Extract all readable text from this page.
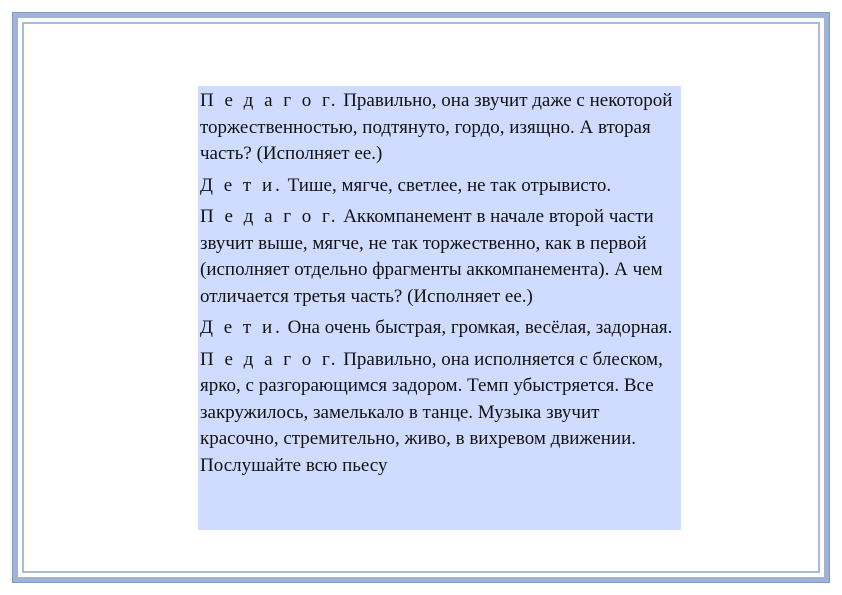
П е д а г о г. Правильно, она звучит даже с некоторой торжественностью, подтянуто, гордо, изящно. А вторая часть? (Исполняет ее.)

Д е т и. Тише, мягче, светлее, не так отрывисто.

П е д а г о г. Аккомпанемент в начале второй части звучит выше, мягче, не так торжественно, как в первой (исполняет отдельно фрагменты аккомпанемента). А чем отличается третья часть? (Исполняет ее.)

Д е т и. Она очень быстрая, громкая, весёлая, задорная.

П е д а г о г. Правильно, она исполняется с блеском, ярко, с разгорающимся задором. Темп убыстряется. Все закружилось, замелькало в танце. Музыка звучит красочно, стремительно, живо, в вихревом движении. Послушайте всю пьесу
